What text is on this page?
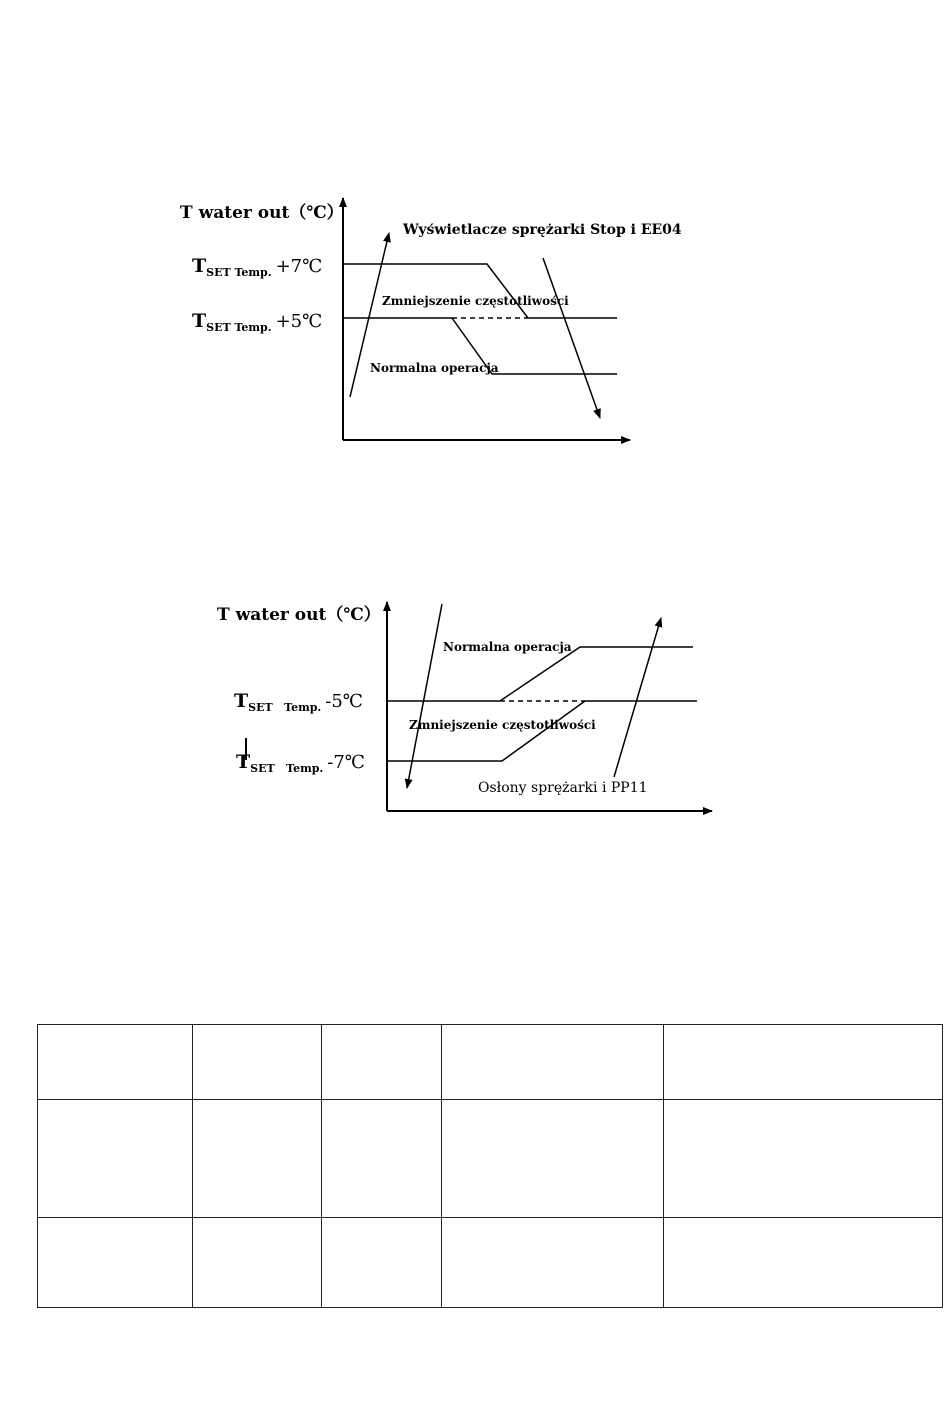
T water out（℃）
$T_{SET Temp.}$ +7℃
$T_{SET Temp.}$ +5℃
Wyświetlacze sprężarki Stop i EE04
Zmniejszenie częstotliwości
Normalna operacja
T water out（℃）
$T_{SET Temp.}$ -5℃
$T_{SET Temp.}$ -7℃
Normalna operacja
Zmniejszenie częstotliwości
Osłony sprężarki i PP11
